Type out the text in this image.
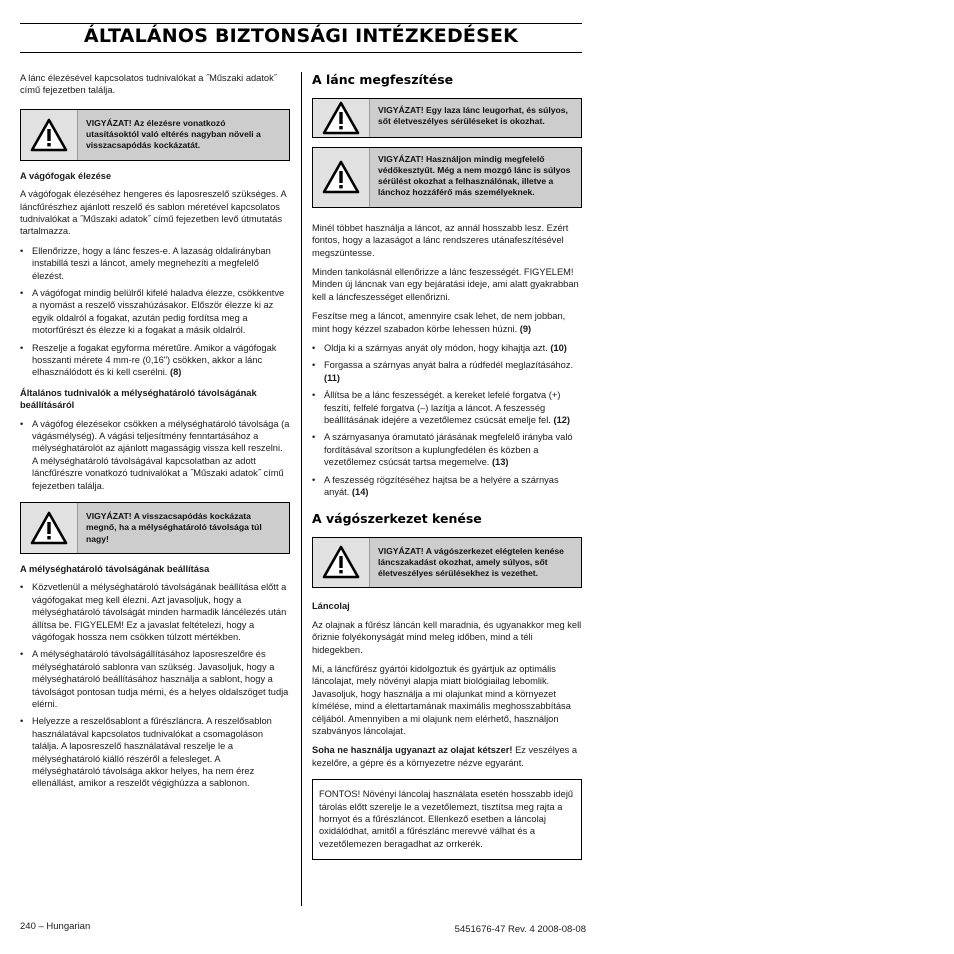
ÁLTALÁNOS BIZTONSÁGI INTÉZKEDÉSEK

A lánc élezésével kapcsolatos tudnivalókat a ˝Műszaki adatok˝ című fejezetben találja.

VIGYÁZAT! Az élezésre vonatkozó utasításoktól való eltérés nagyban növeli a visszacsapódás kockázatát.
A vágófogak élezése

A vágófogak élezéséhez hengeres és laposreszelő szükséges. A láncfűrészhez ajánlott reszelő és sablon méretével kapcsolatos tudnivalókat a ˝Műszaki adatok˝ című fejezetben levő útmutatás tartalmazza.

• Ellenőrizze, hogy a lánc feszes-e. A lazaság oldalirányban instabillá teszi a láncot, amely megnehezíti a megfelelő élezést.
• A vágófogat mindig belülről kifelé haladva élezze, csökkentve a nyomást a reszelő visszahúzásakor. Először élezze ki az egyik oldalról a fogakat, azután pedig fordítsa meg a motorfűrészt és élezze ki a fogakat a másik oldalról.
• Reszelje a fogakat egyforma méretűre. Amikor a vágófogak hosszanti mérete 4 mm-re (0,16") csökken, akkor a lánc elhasználódott és ki kell cserélni. (8)
Általános tudnivalók a mélységhatároló távolságának beállításáról
• A vágófog élezésekor csökken a mélységhatároló távolsága (a vágásmélység). A vágási teljesítmény fenntartásához a mélységhatárolót az ajánlott magasságig vissza kell reszelni. A mélységhatároló távolságával kapcsolatban az adott láncfűrészre vonatkozó tudnivalókat a ˝Műszaki adatok˝ című fejezetben találja.
VIGYÁZAT! A visszacsapódás kockázata megnő, ha a mélységhatároló távolsága túl nagy!
A mélységhatároló távolságának beállítása
• Közvetlenül a mélységhatároló távolságának beállítása előtt a vágófogakat meg kell élezni. Azt javasoljuk, hogy a mélységhatároló távolságát minden harmadik láncélezés után állítsa be. FIGYELEM! Ez a javaslat feltételezi, hogy a vágófogak hossza nem csökken túlzott mértékben.
• A mélységhatároló távolságállításához laposreszelőre és mélységhatároló sablonra van szükség. Javasoljuk, hogy a mélységhatároló beállításához használja a sablont, hogy a távolságot pontosan tudja mérni, és a helyes oldalszöget tudja elérni.
• Helyezze a reszelősablont a fűrészláncra. A reszelősablon használatával kapcsolatos tudnivalókat a csomagoláson találja. A laposreszelő használatával reszelje le a mélységhatároló kiálló részéről a felesleget. A mélységhatároló távolsága akkor helyes, ha nem érez ellenállást, amikor a reszelőt végighúzza a sablonon.
A lánc megfeszítése
VIGYÁZAT! Egy laza lánc leugorhat, és súlyos, sőt életveszélyes sérüléseket is okozhat.
VIGYÁZAT! Használjon mindig megfelelő védőkesztyűt. Még a nem mozgó lánc is súlyos sérülést okozhat a felhasználónak, illetve a lánchoz hozzáférő más személyeknek.

Minél többet használja a láncot, az annál hosszabb lesz. Ezért fontos, hogy a lazaságot a lánc rendszeres utánafeszítésével megszüntesse.

Minden tankolásnál ellenőrizze a lánc feszességét. FIGYELEM! Minden új láncnak van egy bejáratási ideje, ami alatt gyakrabban kell a láncfeszességet ellenőrizni.

Feszítse meg a láncot, amennyire csak lehet, de nem jobban, mint hogy kézzel szabadon körbe lehessen húzni. (9)

• Oldja ki a szárnyas anyát oly módon, hogy kihajtja azt. (10)
• Forgassa a szárnyas anyát balra a rúdfedél meglazításához. (11)
• Állítsa be a lánc feszességét. a kereket lefelé forgatva (+) feszíti, felfelé forgatva (–) lazítja a láncot. A feszesség beállításának idejére a vezetőlemez csúcsát emelje fel. (12)
• A szárnyasanya óramutató járásának megfelelő irányba való fordításával szorítson a kuplungfedélen és közben a vezetőlemez csúcsát tartsa megemelve. (13)
• A feszesség rögzítéséhez hajtsa be a helyére a szárnyas anyát. (14)
A vágószerkezet kenése
VIGYÁZAT! A vágószerkezet elégtelen kenése láncszakadást okozhat, amely súlyos, sőt életveszélyes sérülésekhez is vezethet.
Láncolaj

Az olajnak a fűrész láncán kell maradnia, és ugyanakkor meg kell őriznie folyékonyságát mind meleg időben, mind a téli hidegekben.

Mi, a láncfűrész gyártói kidolgoztuk és gyártjuk az optimális láncolajat, mely növényi alapja miatt biológiailag lebomlik. Javasoljuk, hogy használja a mi olajunkat mind a környezet kímélése, mind a élettartamának maximális meghosszabbítása céljából. Amennyiben a mi olajunk nem elérhető, használjon szabványos láncolajat.

Soha ne használja ugyanazt az olajat kétszer! Ez veszélyes a kezelőre, a gépre és a környezetre nézve egyaránt.

FONTOS! Növényi láncolaj használata esetén hosszabb idejű tárolás előtt szerelje le a vezetőlemezt, tisztítsa meg rajta a hornyot és a fűrészláncot. Ellenkező esetben a láncolaj oxidálódhat, amitől a fűrészlánc merevvé válhat és a vezetőlemezen beragadhat az orrkerék.
240 – Hungarian	5451676-47 Rev. 4 2008-08-08
